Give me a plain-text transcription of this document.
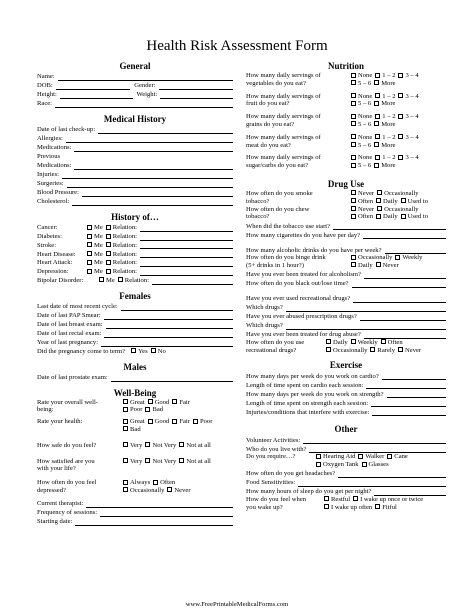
Health Risk Assessment Form
General
Name:
DOB:	Gender:
Height:	Weight:
Race:
Medical History
Date of last check-up:
Allergies:
Medications:
Previous
Medications:
Injuries:
Surgeries:
Blood Pressure:
Cholesterol:
History of…
Cancer:	Me	Relation:
Diabetes:	Me	Relation:
Stroke:	Me	Relation:
Heart Disease:	Me	Relation:
Heart Attack:	Me	Relation:
Depression:	Me	Relation:
Bipolar Disorder:	Me	Relation:
Females
Last date of most recent cycle:
Date of last PAP Smear:
Date of last breast exam:
Date of last rectal exam:
Year of last pregnancy:
Did the pregnancy come to term?	Yes	No
Males
Date of last prostate exam:
Well-Being
Rate your overall well-
being:
Great Good Fair
Poor Bad
Rate your health:	Great Good Fair Poor
Bad
How safe do you feel?	Very Not Very Not at all
How satisfied are you
with your life?
Very Not Very Not at all
How often do you feel
depressed?
Always Often
Occasionally Never
Current therapist:
Frequency of sessions:
Starting date:
Nutrition
How many daily servings of
vegetables do you eat?
None 1 – 2 3 – 4
5 – 6 More
How many daily servings of
fruit do you eat?
None 1 – 2 3 – 4
5 – 6 More
How many daily servings of
grains do you eat?
None 1 – 2 3 – 4
5 – 6 More
How many daily servings of
meat do you eat?
None 1 – 2 3 – 4
5 – 6 More
How many daily servings of
sugar/carbs do you eat?
None 1 – 2 3 – 4
5 – 6 More
Drug Use
How often do you smoke
tobacco?
Never Occasionally
Often Daily Used to
How often do you chew
tobacco?
Never Occasionally
Often Daily Used to
When did the tobacco use start?
How many cigarettes do you have per day?
How many alcoholic drinks do you have per week?
How often do you binge drink
(5+ drinks in 1 hour?)
Occasionally Weekly
Daily Never
Have you ever been treated for alcoholism?
How often do you black out/lose time?
Have you ever used recreational drugs?
Which drugs?
Have you ever abused prescription drugs?
Which drugs?
Have you ever been treated for drug abuse?
How often do you use
recreational drugs?
Daily Weekly Often
Occasionally Rarely Never
Exercise
How many days per week do you work on cardio?
Length of time spent on cardio each session:
How many days per week do you work on strength?
Length of time spent on strength each session:
Injuries/conditions that interfere with exercise:
Other
Volunteer Activities:
Who do you live with?
Do you require…?	Hearing Aid Walker Cane
Oxygen Tank Glasses
How often do you get headaches?
Food Sensitivities:
How many hours of sleep do you get per night?
How do you feel when
you wake up?
Restful I wake up once or twice
I wake up often Fitful
www.FreePrintableMedicalForms.com
